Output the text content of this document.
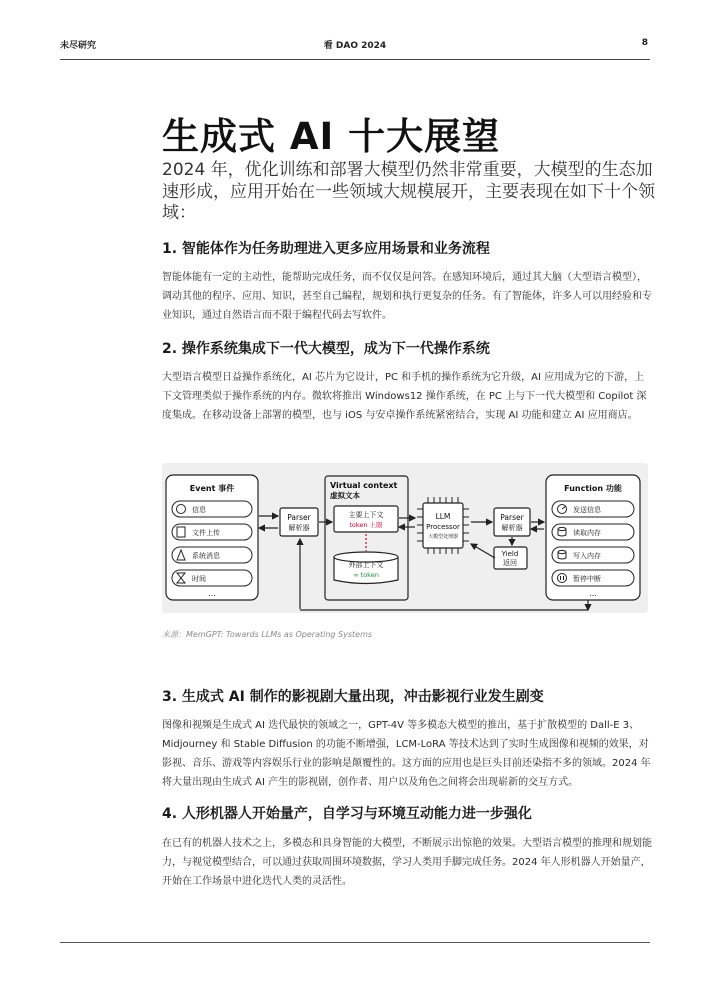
未尽研究	看 DAO 2024	8
生成式 AI 十大展望
2024 年，优化训练和部署大模型仍然非常重要，大模型的生态加速形成，应用开始在一些领域大规模展开，主要表现在如下十个领域：
1. 智能体作为任务助理进入更多应用场景和业务流程
智能体能有一定的主动性，能帮助完成任务，而不仅仅是问答。在感知环境后，通过其大脑（大型语言模型），调动其他的程序、应用、知识，甚至自己编程，规划和执行更复杂的任务。有了智能体，许多人可以用经验和专业知识，通过自然语言而不限于编程代码去写软件。
2. 操作系统集成下一代大模型，成为下一代操作系统
大型语言模型日益操作系统化，AI 芯片为它设计，PC 和手机的操作系统为它升级，AI 应用成为它的下游，上下文管理类似于操作系统的内存。微软将推出 Windows12 操作系统，在 PC 上与下一代大模型和 Copilot 深度集成。在移动设备上部署的模型，也与 iOS 与安卓操作系统紧密结合，实现 AI 功能和建立 AI 应用商店。
Event 事件
信息
文件上传
系统消息
时间
...
Parser
解析器
Virtual context
虚拟文本
主要上下文
token 上限
外部上下文
∞ token
LLM
Processor
大模型处理器
Parser
解析器
Yield
返回
Function 功能
发送信息
读取内存
写入内存
暂停中断
...
来源：MemGPT: Towards LLMs as Operating Systems
3. 生成式 AI 制作的影视剧大量出现，冲击影视行业发生剧变
图像和视频是生成式 AI 迭代最快的领域之一，GPT-4V 等多模态大模型的推出，基于扩散模型的 Dall-E 3、Midjourney 和 Stable Diffusion 的功能不断增强，LCM-LoRA 等技术达到了实时生成图像和视频的效果，对影视、音乐、游戏等内容娱乐行业的影响是颠覆性的。这方面的应用也是巨头目前还染指不多的领域。2024 年将大量出现由生成式 AI 产生的影视剧，创作者、用户以及角色之间将会出现崭新的交互方式。
4. 人形机器人开始量产，自学习与环境互动能力进一步强化
在已有的机器人技术之上，多模态和具身智能的大模型，不断展示出惊艳的效果。大型语言模型的推理和规划能力，与视觉模型结合，可以通过获取周围环境数据，学习人类用手脚完成任务。2024 年人形机器人开始量产，开始在工作场景中进化迭代人类的灵活性。
